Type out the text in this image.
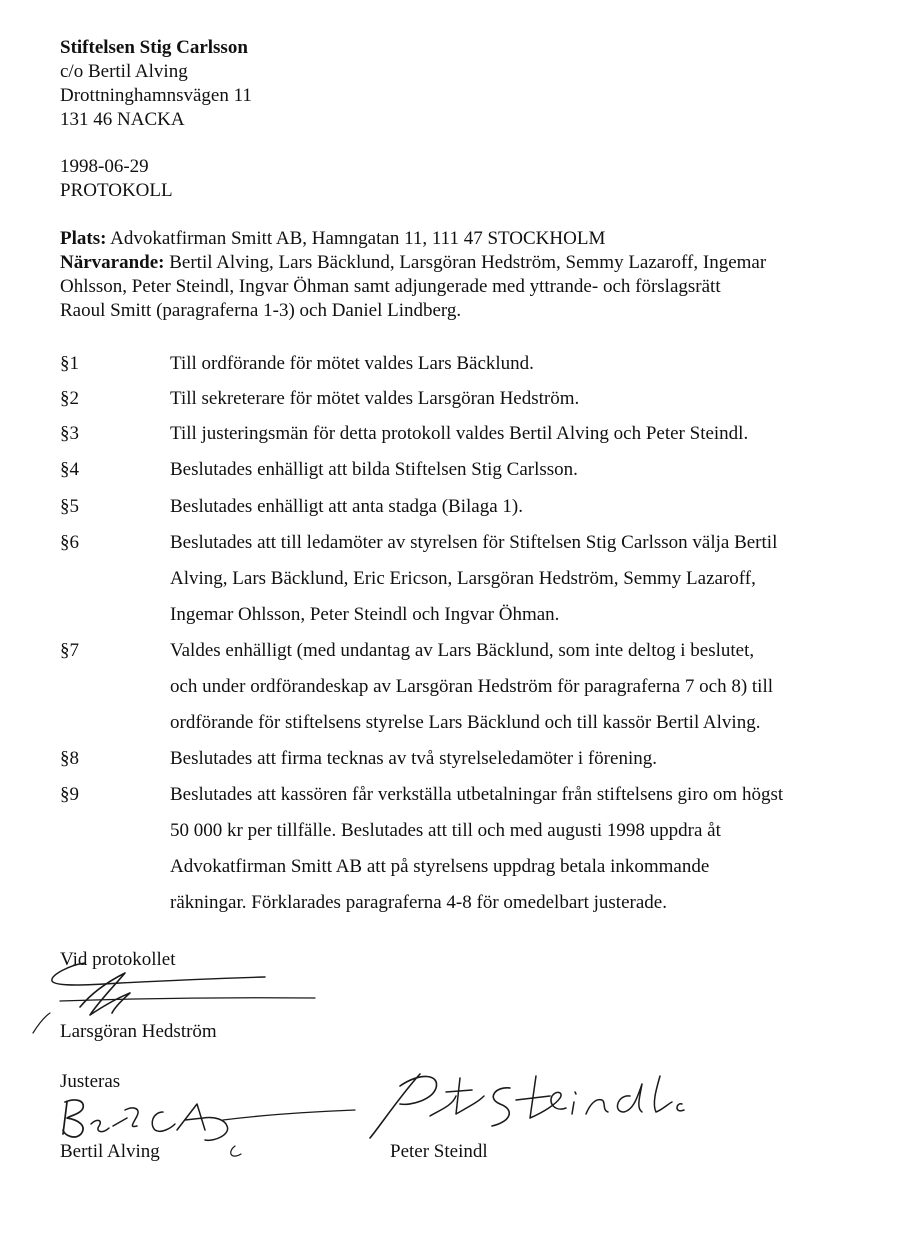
Stiftelsen Stig Carlsson
c/o Bertil Alving
Drottninghamnsvägen 11
131 46 NACKA
1998-06-29
PROTOKOLL
Plats: Advokatfirman Smitt AB, Hamngatan 11, 111 47 STOCKHOLM
Närvarande: Bertil Alving, Lars Bäcklund, Larsgöran Hedström, Semmy Lazaroff, Ingemar
Ohlsson, Peter Steindl, Ingvar Öhman samt adjungerade med yttrande- och förslagsrätt
Raoul Smitt (paragraferna 1-3) och Daniel Lindberg.
§1	Till ordförande för mötet valdes Lars Bäcklund.
§2	Till sekreterare för mötet valdes Larsgöran Hedström.
§3	Till justeringsmän för detta protokoll valdes Bertil Alving och Peter Steindl.
§4	Beslutades enhälligt att bilda Stiftelsen Stig Carlsson.
§5	Beslutades enhälligt att anta stadga (Bilaga 1).
§6	Beslutades att till ledamöter av styrelsen för Stiftelsen Stig Carlsson välja Bertil
Alving, Lars Bäcklund, Eric Ericson, Larsgöran Hedström, Semmy Lazaroff,
Ingemar Ohlsson, Peter Steindl och Ingvar Öhman.
§7	Valdes enhälligt (med undantag av Lars Bäcklund, som inte deltog i beslutet,
och under ordförandeskap av Larsgöran Hedström för paragraferna 7 och 8) till
ordförande för stiftelsens styrelse Lars Bäcklund och till kassör Bertil Alving.
§8	Beslutades att firma tecknas av två styrelseledamöter i förening.
§9	Beslutades att kassören får verkställa utbetalningar från stiftelsens giro om högst
50 000 kr per tillfälle. Beslutades att till och med augusti 1998 uppdra åt
Advokatfirman Smitt AB att på styrelsens uppdrag betala inkommande
räkningar. Förklarades paragraferna 4-8 för omedelbart justerade.
Vid protokollet
Larsgöran Hedström
Justeras
Bertil Alving	Peter Steindl
